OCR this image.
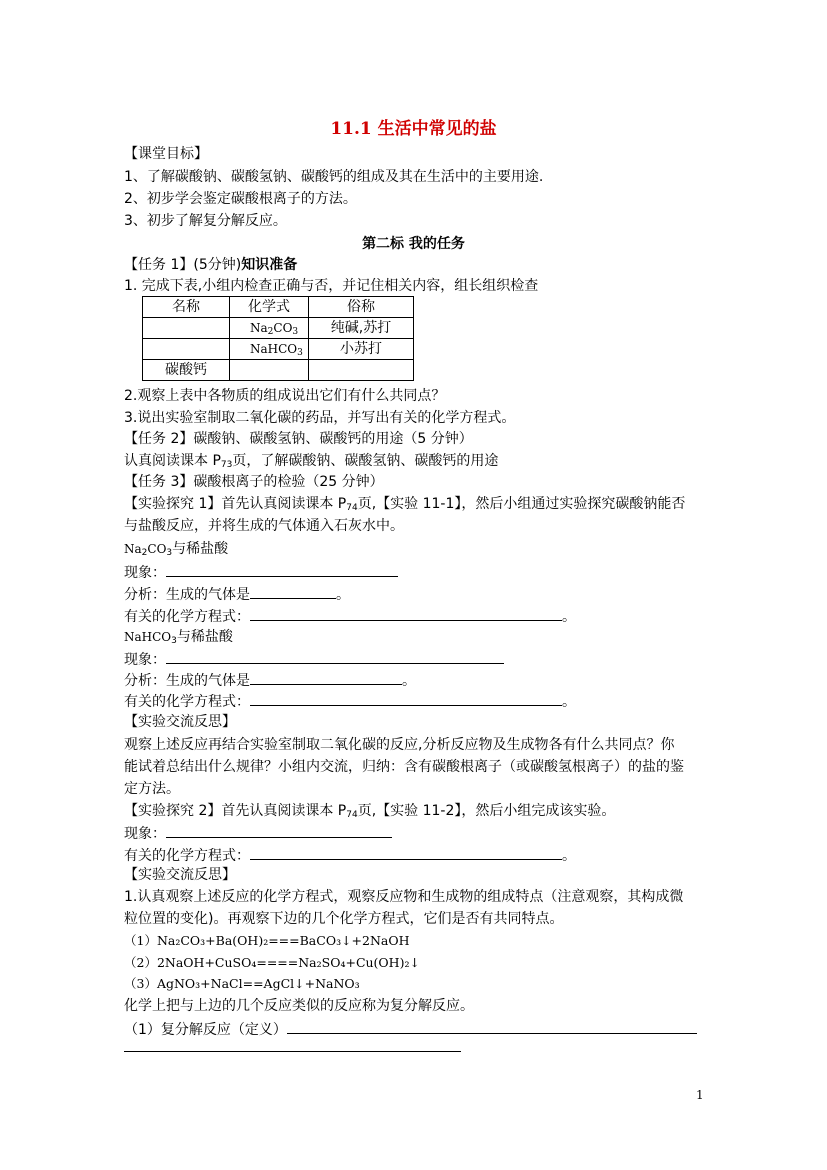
11.1 生活中常见的盐
【课堂目标】
1、了解碳酸钠、碳酸氢钠、碳酸钙的组成及其在生活中的主要用途.
2、初步学会鉴定碳酸根离子的方法。
3、初步了解复分解反应。
第二标 我的任务
【任务 1】(5分钟)知识准备
1. 完成下表,小组内检查正确与否，并记住相关内容，组长组织检查
名称	化学式	俗称
	$Na_2CO_3$	纯碱,苏打
	NaHCO$_3$	小苏打
碳酸钙		
2.观察上表中各物质的组成说出它们有什么共同点？
3.说出实验室制取二氧化碳的药品，并写出有关的化学方程式。
【任务 2】碳酸钠、碳酸氢钠、碳酸钙的用途（5 分钟）
认真阅读课本 $P_{73}$页，了解碳酸钠、碳酸氢钠、碳酸钙的用途
【任务 3】碳酸根离子的检验（25 分钟）
【实验探究 1】首先认真阅读课本 $P_{74}$页,【实验 11-1】，然后小组通过实验探究碳酸钠能否
与盐酸反应，并将生成的气体通入石灰水中。
$Na_2CO_3$与稀盐酸
现象：
分析：生成的气体是	。
有关的化学方程式：	。
NaHCO$_3$与稀盐酸
现象：
分析：生成的气体是	。
有关的化学方程式：	。
【实验交流反思】
观察上述反应再结合实验室制取二氧化碳的反应,分析反应物及生成物各有什么共同点？你
能试着总结出什么规律？小组内交流，归纳：含有碳酸根离子（或碳酸氢根离子）的盐的鉴
定方法。
【实验探究 2】首先认真阅读课本 $P_{74}$页,【实验 11-2】，然后小组完成该实验。
现象：
有关的化学方程式：	。
【实验交流反思】
1.认真观察上述反应的化学方程式，观察反应物和生成物的组成特点（注意观察，其构成微
粒位置的变化)。再观察下边的几个化学方程式，它们是否有共同特点。
（1）Na₂CO₃+Ba(OH)₂===BaCO₃↓+2NaOH
（2）2NaOH+CuSO₄====Na₂SO₄+Cu(OH)₂↓
（3）AgNO₃+NaCl==AgCl↓+NaNO₃
化学上把与上边的几个反应类似的反应称为复分解反应。
（1）复分解反应（定义）
1
